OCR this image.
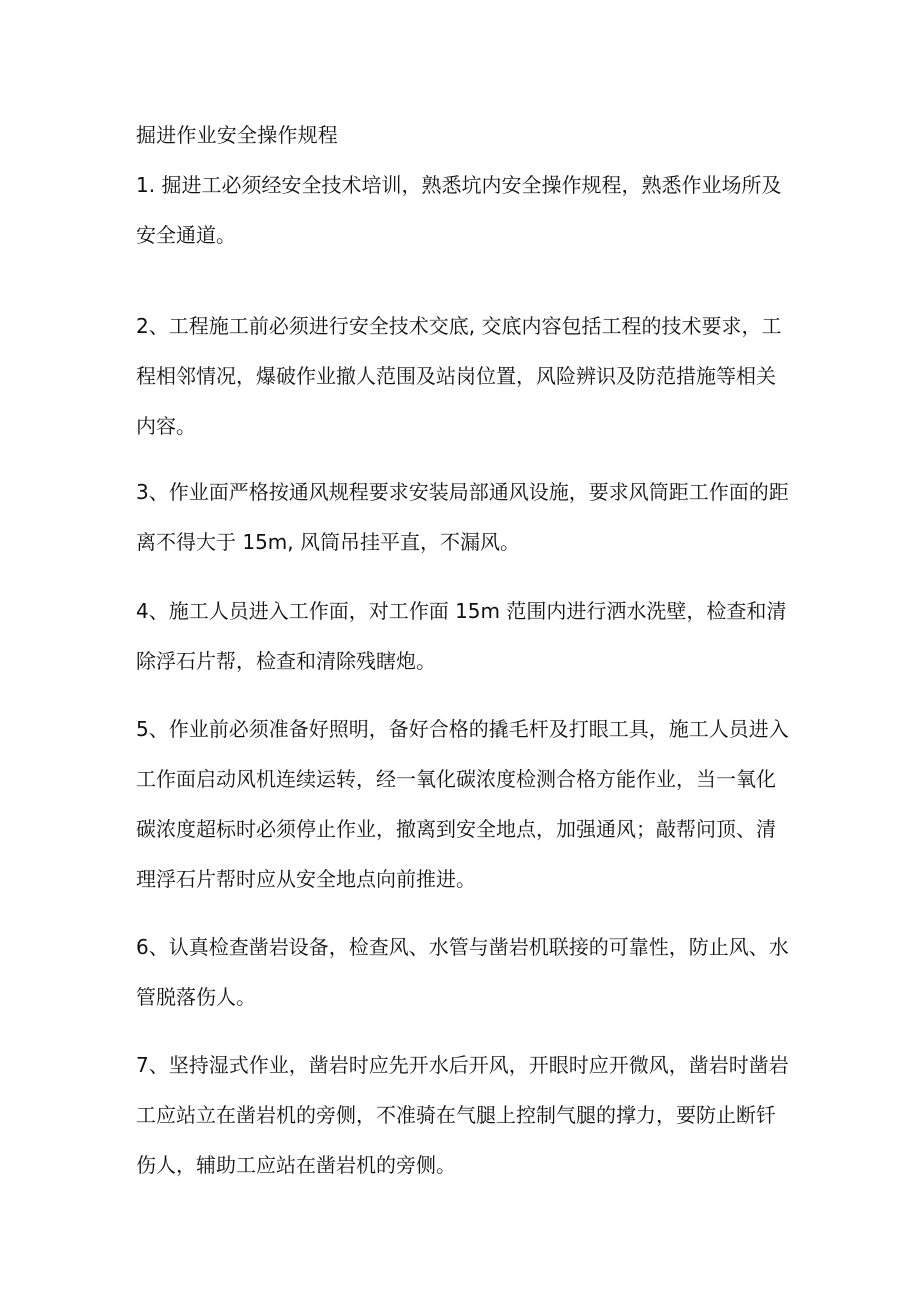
掘进作业安全操作规程
1. 掘进工必须经安全技术培训，熟悉坑内安全操作规程，熟悉作业场所及
安全通道。
2、工程施工前必须进行安全技术交底, 交底内容包括工程的技术要求，工
程相邻情况，爆破作业撤人范围及站岗位置，风险辨识及防范措施等相关
内容。
3、作业面严格按通风规程要求安装局部通风设施，要求风筒距工作面的距
离不得大于 15m, 风筒吊挂平直，不漏风。
4、施工人员进入工作面，对工作面 15m 范围内进行洒水洗壁，检查和清
除浮石片帮，检查和清除残瞎炮。
5、作业前必须准备好照明，备好合格的撬毛杆及打眼工具，施工人员进入
工作面启动风机连续运转，经一氧化碳浓度检测合格方能作业，当一氧化
碳浓度超标时必须停止作业，撤离到安全地点，加强通风；敲帮问顶、清
理浮石片帮时应从安全地点向前推进。
6、认真检查凿岩设备，检查风、水管与凿岩机联接的可靠性，防止风、水
管脱落伤人。
7、坚持湿式作业，凿岩时应先开水后开风，开眼时应开微风，凿岩时凿岩
工应站立在凿岩机的旁侧，不准骑在气腿上控制气腿的撑力，要防止断钎
伤人，辅助工应站在凿岩机的旁侧。
